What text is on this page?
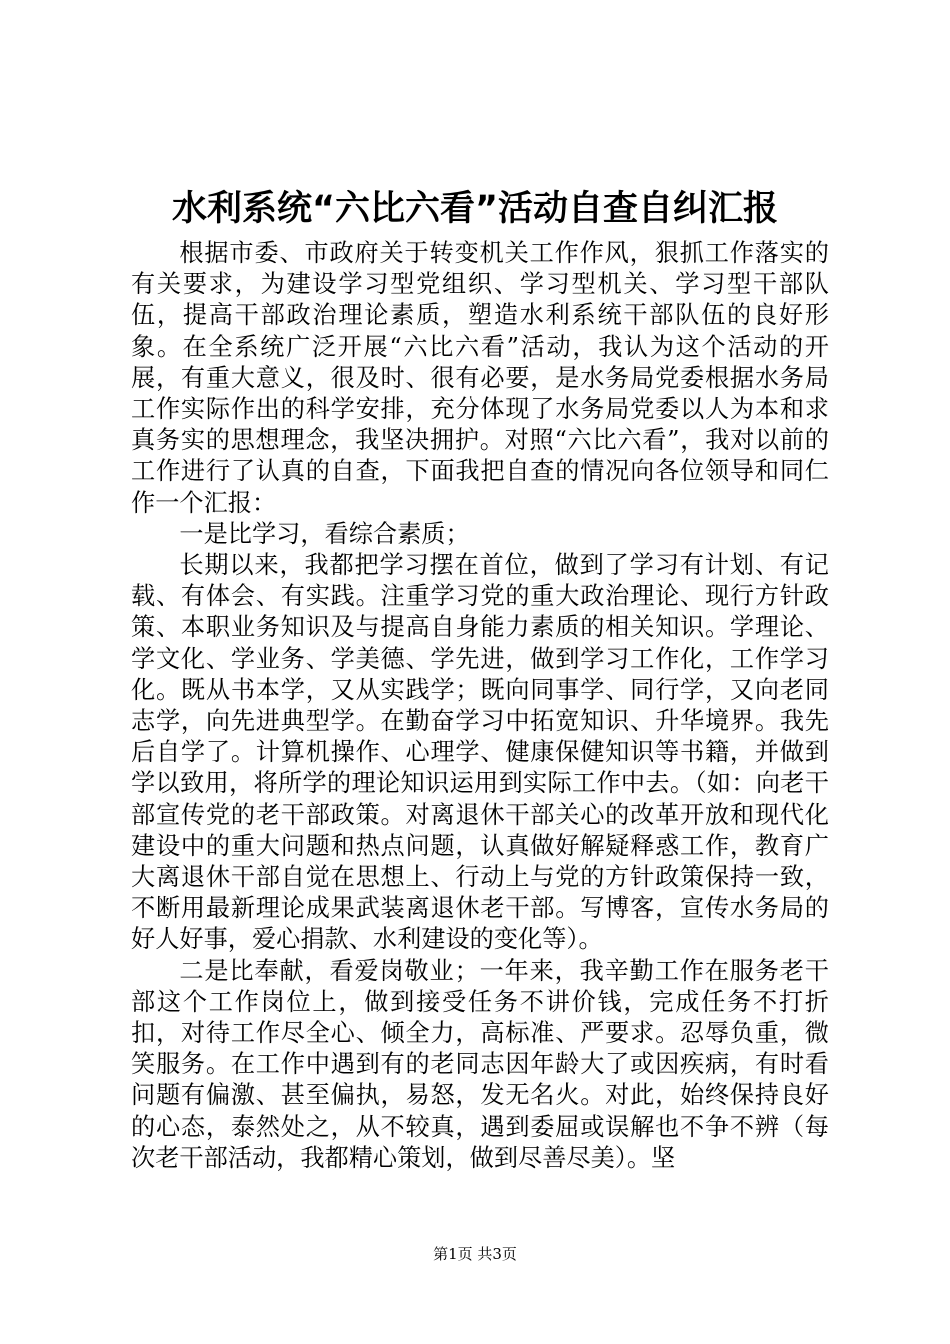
水利系统“六比六看”活动自查自纠汇报

根据市委、市政府关于转变机关工作作风，狠抓工作落实的有关要求，为建设学习型党组织、学习型机关、学习型干部队伍，提高干部政治理论素质，塑造水利系统干部队伍的良好形象。在全系统广泛开展“六比六看”活动，我认为这个活动的开展，有重大意义，很及时、很有必要，是水务局党委根据水务局工作实际作出的科学安排，充分体现了水务局党委以人为本和求真务实的思想理念，我坚决拥护。对照“六比六看”，我对以前的工作进行了认真的自查，下面我把自查的情况向各位领导和同仁作一个汇报：

一是比学习，看综合素质；

长期以来，我都把学习摆在首位，做到了学习有计划、有记载、有体会、有实践。注重学习党的重大政治理论、现行方针政策、本职业务知识及与提高自身能力素质的相关知识。学理论、学文化、学业务、学美德、学先进，做到学习工作化，工作学习化。既从书本学，又从实践学；既向同事学、同行学，又向老同志学，向先进典型学。在勤奋学习中拓宽知识、升华境界。我先后自学了。计算机操作、心理学、健康保健知识等书籍，并做到学以致用，将所学的理论知识运用到实际工作中去。（如：向老干部宣传党的老干部政策。对离退休干部关心的改革开放和现代化建设中的重大问题和热点问题，认真做好解疑释惑工作，教育广大离退休干部自觉在思想上、行动上与党的方针政策保持一致，不断用最新理论成果武装离退休老干部。写博客，宣传水务局的好人好事，爱心捐款、水利建设的变化等）。

二是比奉献，看爱岗敬业；一年来，我辛勤工作在服务老干部这个工作岗位上，做到接受任务不讲价钱，完成任务不打折扣，对待工作尽全心、倾全力，高标准、严要求。忍辱负重，微笑服务。在工作中遇到有的老同志因年龄大了或因疾病，有时看问题有偏激、甚至偏执，易怒，发无名火。对此，始终保持良好的心态，泰然处之，从不较真，遇到委屈或误解也不争不辨（每次老干部活动，我都精心策划，做到尽善尽美）。坚

第1页 共3页
